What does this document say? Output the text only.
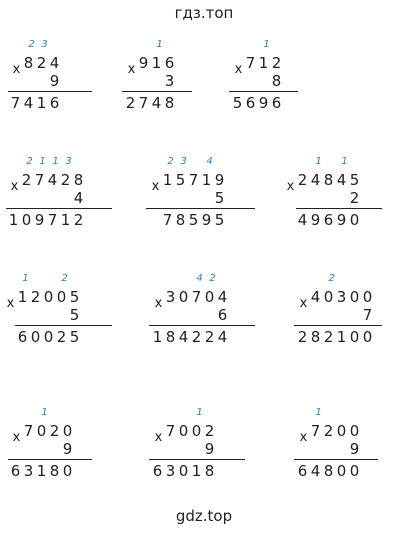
гдз.топ
2 3
x 8 2 4
9
7 4 1 6
1
x 9 1 6
3
2 7 4 8
1
x 7 1 2
8
5 6 9 6
2 1 1 3
x 2 7 4 2 8
4
1 0 9 7 1 2
2 3 4
x 1 5 7 1 9
5
7 8 5 9 5
1 1
x 2 4 8 4 5
2
4 9 6 9 0
1	2
x 1 2 0 0 5
5
6 0 0 2 5
4 2
x 3 0 7 0 4
6
1 8 4 2 2 4
2
x 4 0 3 0 0
7
2 8 2 1 0 0
1
x 7 0 2 0
9
6 3 1 8 0
1
x 7 0 0 2
9
6 3 0 1 8
1
x 7 2 0 0
9
6 4 8 0 0
gdz.top
